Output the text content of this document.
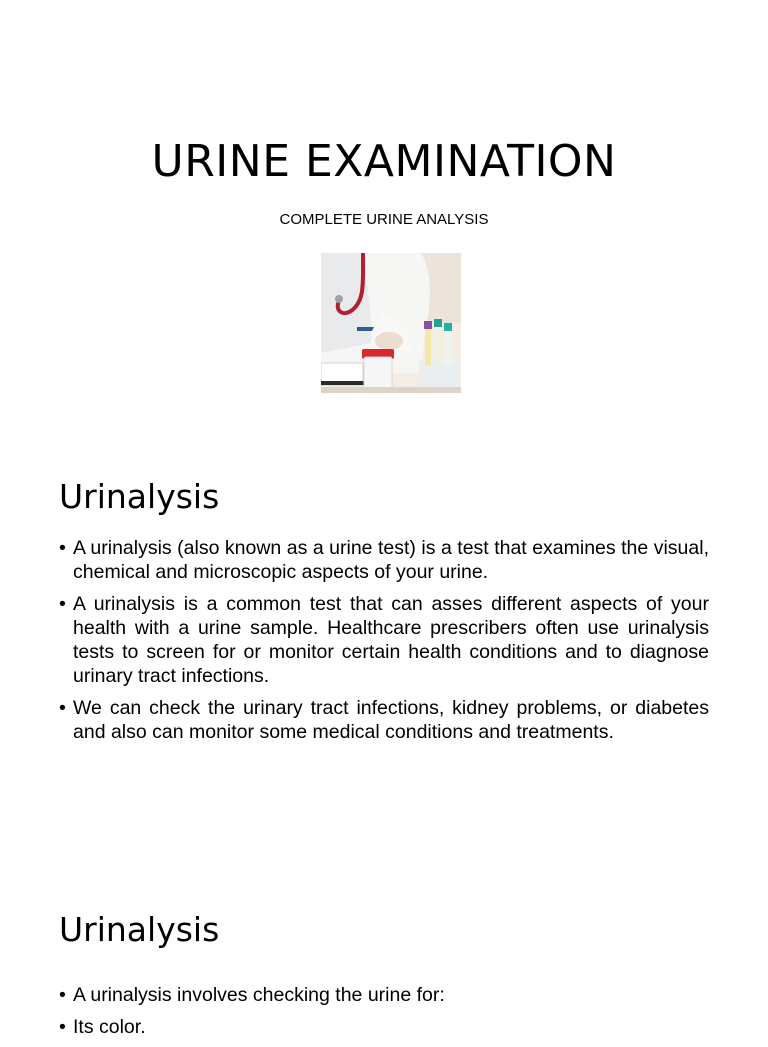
URINE EXAMINATION
COMPLETE URINE ANALYSIS
Urinalysis
• A urinalysis (also known as a urine test) is a test that examines the visual, chemical and microscopic aspects of your urine.
• A urinalysis is a common test that can asses different aspects of your health with a urine sample. Healthcare prescribers often use urinalysis tests to screen for or monitor certain health conditions and to diagnose urinary tract infections.
• We can check the urinary tract infections, kidney problems, or diabetes and also can monitor some medical conditions and treatments.
Urinalysis
• A urinalysis involves checking the urine for:
• Its color.
